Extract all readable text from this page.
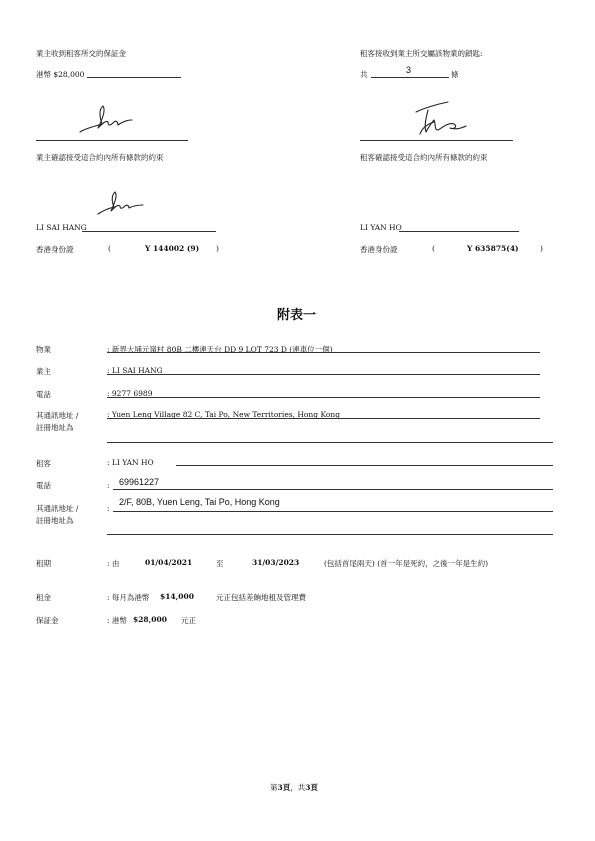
業主收到租客所交的保証金
港幣 $28,000
租客接收到業主所交屬該物業的鎖匙:
共	3	條
業主確認接受這合約內所有條款的約束	租客確認接受這合約內所有條款的約束
LI SAI HANG	LI YAN HO
香港身份證	(	Y 144002 (9) )	香港身份證	(	Y 635875(4)	)
附表一
物業	: 新界大埔元嶺村 80B 二樓連天台 DD 9 LOT 723 D (連車位一個)
業主	: LI SAI HANG
電話	: 9277 6989
其通訊地址 /
註冊地址為
: Yuen Leng Village 82 C, Tai Po, New Territories, Hong Kong
租客	: LI YAN HO
電話	: 69961227
其通訊地址 /
註冊地址為
:
2/F, 80B, Yuen Leng, Tai Po, Hong Kong
租期	: 由	01/04/2021	至	31/03/2023	(包括首尾兩天) (首一年是死約，之後一年是生約)
租金	: 每月為港幣 $14,000	元正包括差餉地租及管理費
保証金	: 港幣 $28,000 元正
第3頁，共3頁
